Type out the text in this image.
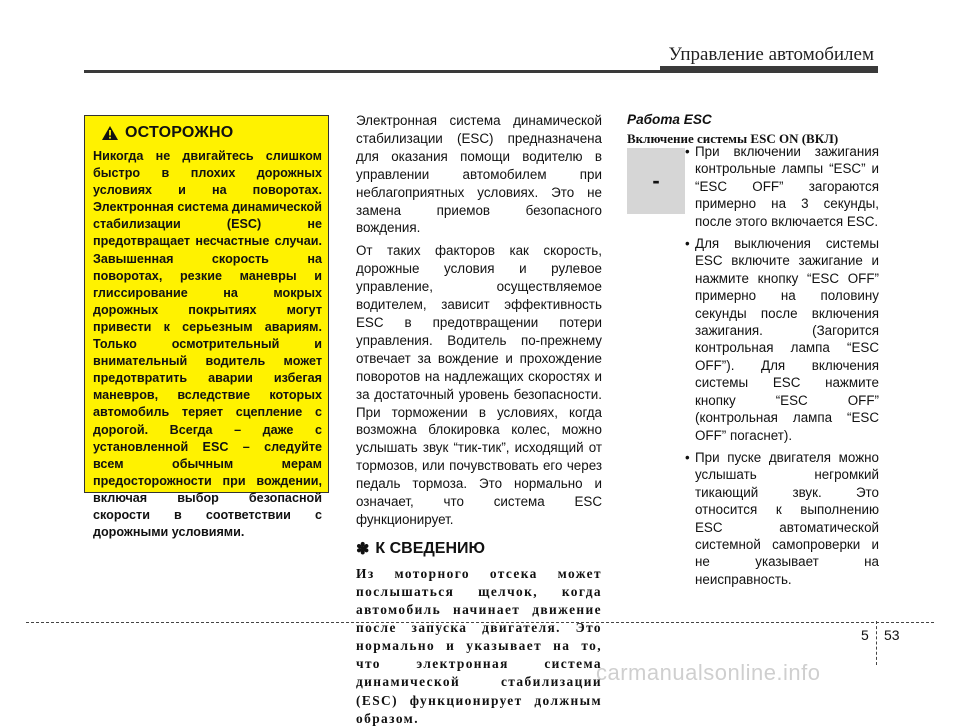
Управление автомобилем
ОСТОРОЖНО

Никогда не двигайтесь слишком быстро в плохих дорожных условиях и на поворотах. Электронная система динамической стабилизации (ESC) не предотвращает несчастные случаи. Завышенная скорость на поворотах, резкие маневры и глиссирование на мокрых дорожных покрытиях могут привести к серьезным авариям. Только осмотрительный и внимательный водитель может предотвратить аварии избегая маневров, вследствие которых автомобиль теряет сцепление с дорогой. Всегда – даже с установленной ESC – следуйте всем обычным мерам предосторожности при вождении, включая выбор безопасной скорости в соответствии с дорожными условиями.

Электронная система динамической стабилизации (ESC) предназначена для оказания помощи водителю в управлении автомобилем при неблагоприятных условиях. Это не замена приемов безопасного вождения.

От таких факторов как скорость, дорожные условия и рулевое управление, осуществляемое водителем, зависит эффективность ESC в предотвращении потери управления. Водитель по-прежнему отвечает за вождение и прохождение поворотов на надлежащих скоростях и за достаточный уровень безопасности. При торможении в условиях, когда возможна блокировка колес, можно услышать звук “тик-тик”, исходящий от тормозов, или почувствовать его через педаль тормоза. Это нормально и означает, что система ESC функционирует.

✽ К СВЕДЕНИЮ

Из моторного отсека может послышаться щелчок, когда автомобиль начинает движение после запуска двигателя. Это нормально и указывает на то, что электронная система динамической стабилизации (ESC) функционирует должным образом.

Работа ESC

Включение системы ESC ON (ВКЛ)

-
• При включении зажигания контрольные лампы “ESC” и “ESC OFF” загораются примерно на 3 секунды, после этого включается ESC.
• Для выключения системы ESC включите зажигание и нажмите кнопку “ESC OFF” примерно на половину секунды после включения зажигания. (Загорится контрольная лампа “ESC OFF”). Для включения системы ESC нажмите кнопку “ESC OFF” (контрольная лампа “ESC OFF” погаснет).
• При пуске двигателя можно услышать негромкий тикающий звук. Это относится к выполнению ESC автоматической системной самопроверки и не указывает на неисправность.
5 53
carmanualsonline.info
